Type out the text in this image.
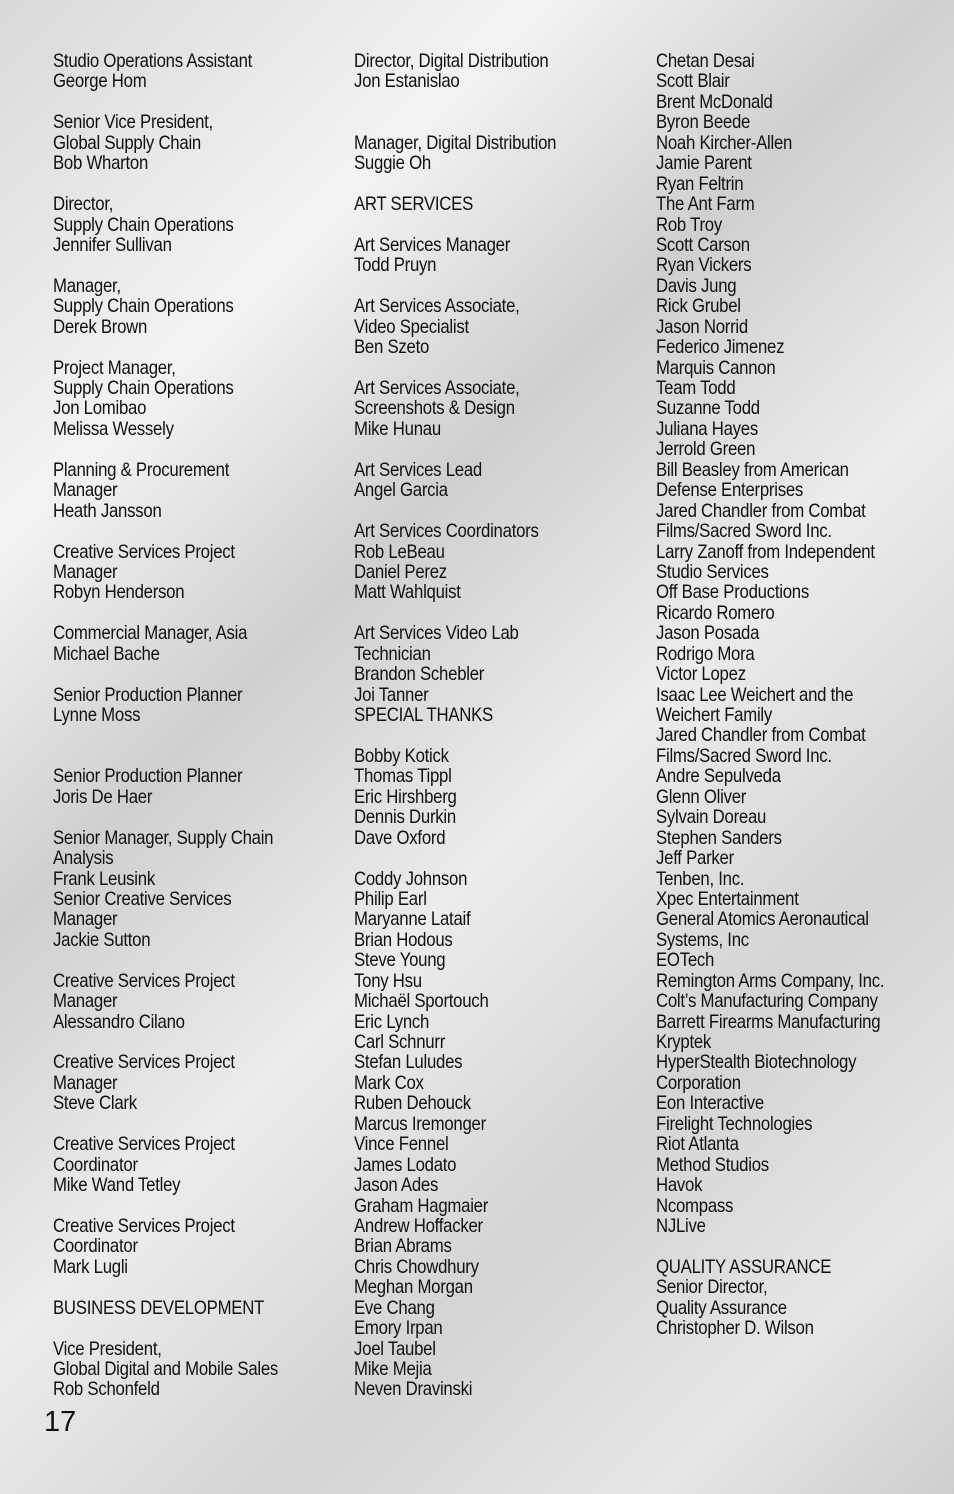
Studio Operations Assistant
George Hom
Senior Vice President,
Global Supply Chain
Bob Wharton
Director,
Supply Chain Operations
Jennifer Sullivan
Manager,
Supply Chain Operations
Derek Brown
Project Manager,
Supply Chain Operations
Jon Lomibao
Melissa Wessely
Planning & Procurement
Manager
Heath Jansson
Creative Services Project
Manager
Robyn Henderson
Commercial Manager, Asia
Michael Bache
Senior Production Planner
Lynne Moss
Senior Production Planner
Joris De Haer
Senior Manager, Supply Chain
Analysis
Frank Leusink
Senior Creative Services
Manager
Jackie Sutton
Creative Services Project
Manager
Alessandro Cilano
Creative Services Project
Manager
Steve Clark
Creative Services Project
Coordinator
Mike Wand Tetley
Creative Services Project
Coordinator
Mark Lugli
BUSINESS DEVELOPMENT
Vice President,
Global Digital and Mobile Sales
Rob Schonfeld
Director, Digital Distribution
Jon Estanislao
Manager, Digital Distribution
Suggie Oh
ART SERVICES
Art Services Manager
Todd Pruyn
Art Services Associate,
Video Specialist
Ben Szeto
Art Services Associate,
Screenshots & Design
Mike Hunau
Art Services Lead
Angel Garcia
Art Services Coordinators
Rob LeBeau
Daniel Perez
Matt Wahlquist
Art Services Video Lab
Technician
Brandon Schebler
Joi Tanner
SPECIAL THANKS
Bobby Kotick
Thomas Tippl
Eric Hirshberg
Dennis Durkin
Dave Oxford
Coddy Johnson
Philip Earl
Maryanne Lataif
Brian Hodous
Steve Young
Tony Hsu
Michaël Sportouch
Eric Lynch
Carl Schnurr
Stefan Luludes
Mark Cox
Ruben Dehouck
Marcus Iremonger
Vince Fennel
James Lodato
Jason Ades
Graham Hagmaier
Andrew Hoffacker
Brian Abrams
Chris Chowdhury
Meghan Morgan
Eve Chang
Emory Irpan
Joel Taubel
Mike Mejia
Neven Dravinski
Chetan Desai
Scott Blair
Brent McDonald
Byron Beede
Noah Kircher-Allen
Jamie Parent
Ryan Feltrin
The Ant Farm
Rob Troy
Scott Carson
Ryan Vickers
Davis Jung
Rick Grubel
Jason Norrid
Federico Jimenez
Marquis Cannon
Team Todd
Suzanne Todd
Juliana Hayes
Jerrold Green
Bill Beasley from American
Defense Enterprises
Jared Chandler from Combat
Films/Sacred Sword Inc.
Larry Zanoff from Independent
Studio Services
Off Base Productions
Ricardo Romero
Jason Posada
Rodrigo Mora
Victor Lopez
Isaac Lee Weichert and the
Weichert Family
Jared Chandler from Combat
Films/Sacred Sword Inc.
Andre Sepulveda
Glenn Oliver
Sylvain Doreau
Stephen Sanders
Jeff Parker
Tenben, Inc.
Xpec Entertainment
General Atomics Aeronautical
Systems, Inc
EOTech
Remington Arms Company, Inc.
Colt’s Manufacturing Company
Barrett Firearms Manufacturing
Kryptek
HyperStealth Biotechnology
Corporation
Eon Interactive
Firelight Technologies
Riot Atlanta
Method Studios
Havok
Ncompass
NJLive
QUALITY ASSURANCE
Senior Director,
Quality Assurance
Christopher D. Wilson
17
